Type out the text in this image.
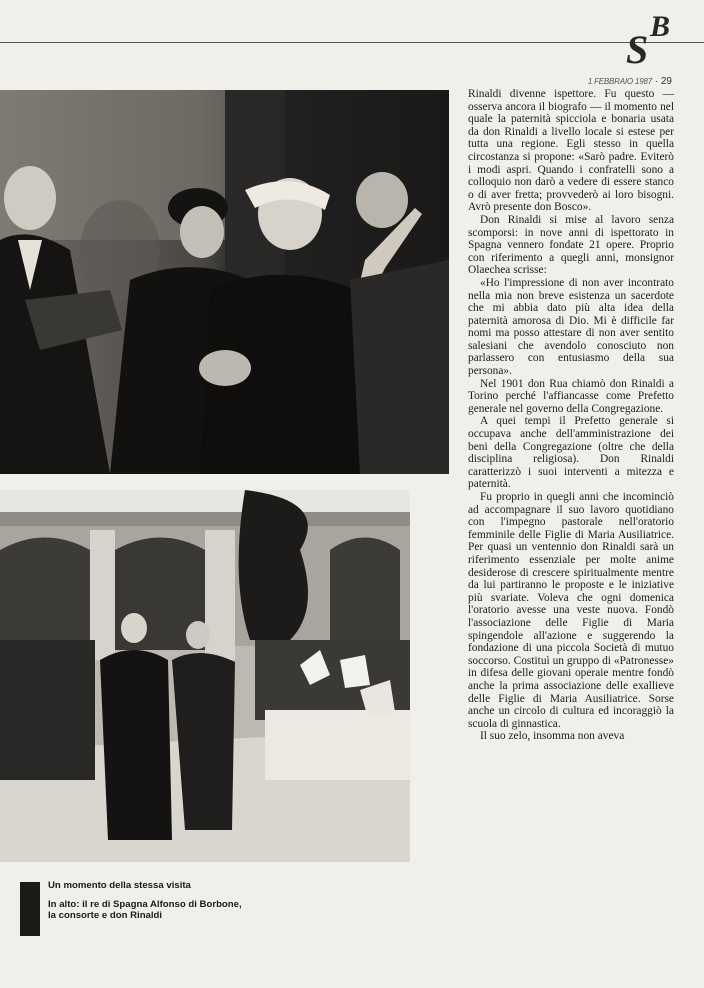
S
B
1 FEBBRAIO 1987 · 29
Un momento della stessa visita
In alto: il re di Spagna Alfonso di Borbone, la consorte e don Rinaldi

Rinaldi divenne ispettore. Fu questo — osserva ancora il biografo — il momento nel quale la paternità spicciola e bonaria usata da don Rinaldi a livello locale si estese per tutta una regione. Egli stesso in quella circostanza si propone: «Sarò padre. Eviterò i modi aspri. Quando i confratelli sono a colloquio non darò a vedere di essere stanco o di aver fretta; provvederò ai loro bisogni. Avrò presente don Bosco».

Don Rinaldi si mise al lavoro senza scomporsi: in nove anni di ispettorato in Spagna vennero fondate 21 opere. Proprio con riferimento a quegli anni, monsignor Olaechea scrisse:

«Ho l'impressione di non aver incontrato nella mia non breve esistenza un sacerdote che mi abbia dato più alta idea della paternità amorosa di Dio. Mi è difficile far nomi ma posso attestare di non aver sentito salesiani che avendolo conosciuto non parlassero con entusiasmo della sua persona».

Nel 1901 don Rua chiamò don Rinaldi a Torino perché l'affiancasse come Prefetto generale nel governo della Congregazione.

A quei tempi il Prefetto generale si occupava anche dell'amministrazione dei beni della Congregazione (oltre che della disciplina religiosa). Don Rinaldi caratterizzò i suoi interventi a mitezza e paternità.

Fu proprio in quegli anni che incominciò ad accompagnare il suo lavoro quotidiano con l'impegno pastorale nell'oratorio femminile delle Figlie di Maria Ausiliatrice. Per quasi un ventennio don Rinaldi sarà un riferimento essenziale per molte anime desiderose di crescere spiritualmente mentre da lui partiranno le proposte e le iniziative più svariate. Voleva che ogni domenica l'oratorio avesse una veste nuova. Fondò l'associazione delle Figlie di Maria spingendole all'azione e suggerendo la fondazione di una piccola Società di mutuo soccorso. Costituì un gruppo di «Patronesse» in difesa delle giovani operaie mentre fondò anche la prima associazione delle exallieve delle Figlie di Maria Ausiliatrice. Sorse anche un circolo di cultura ed incoraggiò la scuola di ginnastica.

Il suo zelo, insomma non aveva
